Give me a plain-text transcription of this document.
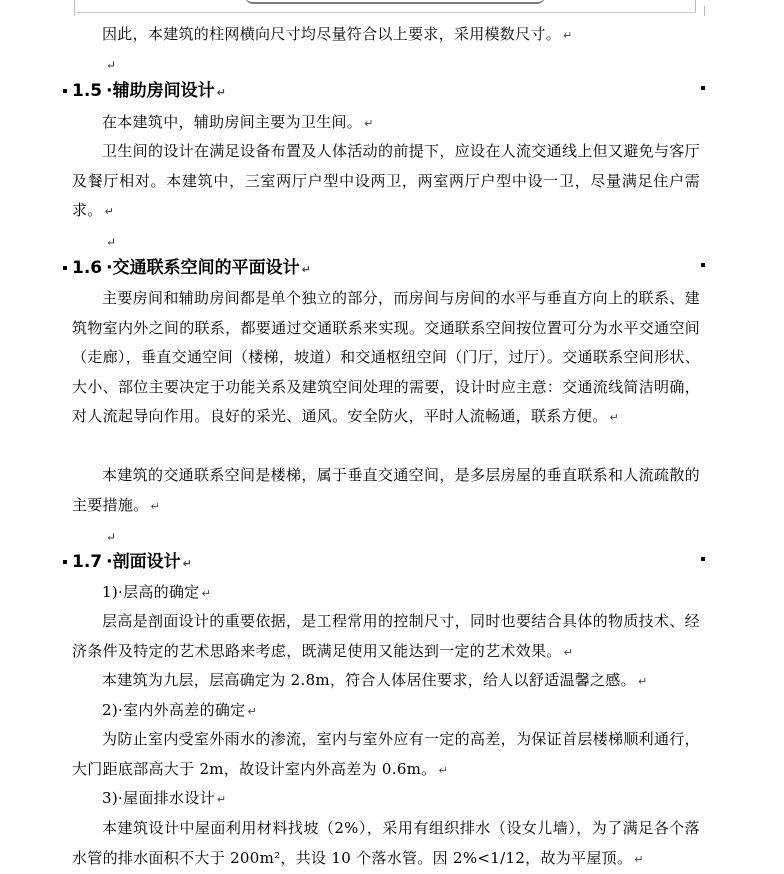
因此，本建筑的柱网横向尺寸均尽量符合以上要求，采用模数尺寸。 ↵
↵
1.5 ·辅助房间设计 ↵
在本建筑中，辅助房间主要为卫生间。 ↵
卫生间的设计在满足设备布置及人体活动的前提下，应设在人流交通线上但又避免与客厅及餐厅相对。本建筑中，三室两厅户型中设两卫，两室两厅户型中设一卫，尽量满足住户需求。 ↵
↵
1.6 ·交通联系空间的平面设计 ↵
主要房间和辅助房间都是单个独立的部分，而房间与房间的水平与垂直方向上的联系、建筑物室内外之间的联系，都要通过交通联系来实现。交通联系空间按位置可分为水平交通空间（走廊），垂直交通空间（楼梯，坡道）和交通枢纽空间（门厅，过厅）。交通联系空间形状、大小、部位主要决定于功能关系及建筑空间处理的需要，设计时应主意：交通流线简洁明确，对人流起导向作用。良好的采光、通风。安全防火，平时人流畅通，联系方便。 ↵
本建筑的交通联系空间是楼梯，属于垂直交通空间，是多层房屋的垂直联系和人流疏散的主要措施。 ↵
↵
1.7 ·剖面设计 ↵
1)·层高的确定 ↵
层高是剖面设计的重要依据，是工程常用的控制尺寸，同时也要结合具体的物质技术、经济条件及特定的艺术思路来考虑，既满足使用又能达到一定的艺术效果。 ↵
本建筑为九层，层高确定为 2.8m，符合人体居住要求，给人以舒适温馨之感。 ↵
2)·室内外高差的确定 ↵
为防止室内受室外雨水的渗流，室内与室外应有一定的高差，为保证首层楼梯顺利通行，大门距底部高大于 2m，故设计室内外高差为 0.6m。 ↵
3)·屋面排水设计 ↵
本建筑设计中屋面利用材料找坡（2%），采用有组织排水（设女儿墙），为了满足各个落水管的排水面积不大于 200m²，共设 10 个落水管。因 2%<1/12，故为平屋顶。 ↵
